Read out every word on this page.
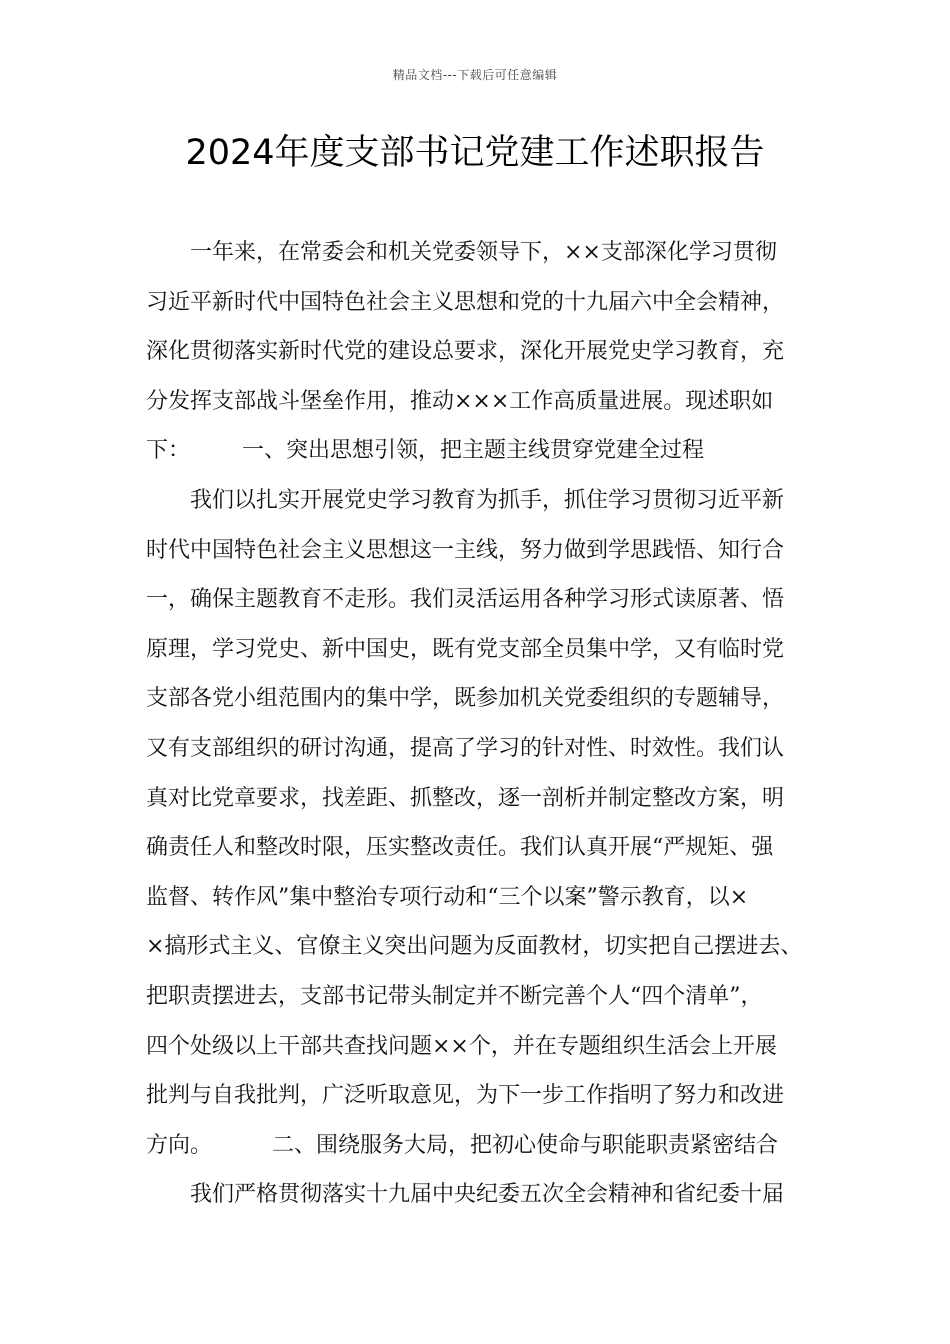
精品文档---下载后可任意编辑
2024年度支部书记党建工作述职报告
一年来，在常委会和机关党委领导下，××支部深化学习贯彻
习近平新时代中国特色社会主义思想和党的十九届六中全会精神，
深化贯彻落实新时代党的建设总要求，深化开展党史学习教育，充
分发挥支部战斗堡垒作用，推动×××工作高质量进展。现述职如
下： 一、突出思想引领，把主题主线贯穿党建全过程
我们以扎实开展党史学习教育为抓手，抓住学习贯彻习近平新
时代中国特色社会主义思想这一主线，努力做到学思践悟、知行合
一，确保主题教育不走形。我们灵活运用各种学习形式读原著、悟
原理，学习党史、新中国史，既有党支部全员集中学，又有临时党
支部各党小组范围内的集中学，既参加机关党委组织的专题辅导，
又有支部组织的研讨沟通，提高了学习的针对性、时效性。我们认
真对比党章要求，找差距、抓整改，逐一剖析并制定整改方案，明
确责任人和整改时限，压实整改责任。我们认真开展“严规矩、强
监督、转作风”集中整治专项行动和“三个以案”警示教育，以×
×搞形式主义、官僚主义突出问题为反面教材，切实把自己摆进去、
把职责摆进去，支部书记带头制定并不断完善个人“四个清单”，
四个处级以上干部共查找问题××个，并在专题组织生活会上开展
批判与自我批判，广泛听取意见，为下一步工作指明了努力和改进
方向。	二、围绕服务大局，把初心使命与职能职责紧密结合
我们严格贯彻落实十九届中央纪委五次全会精神和省纪委十届
